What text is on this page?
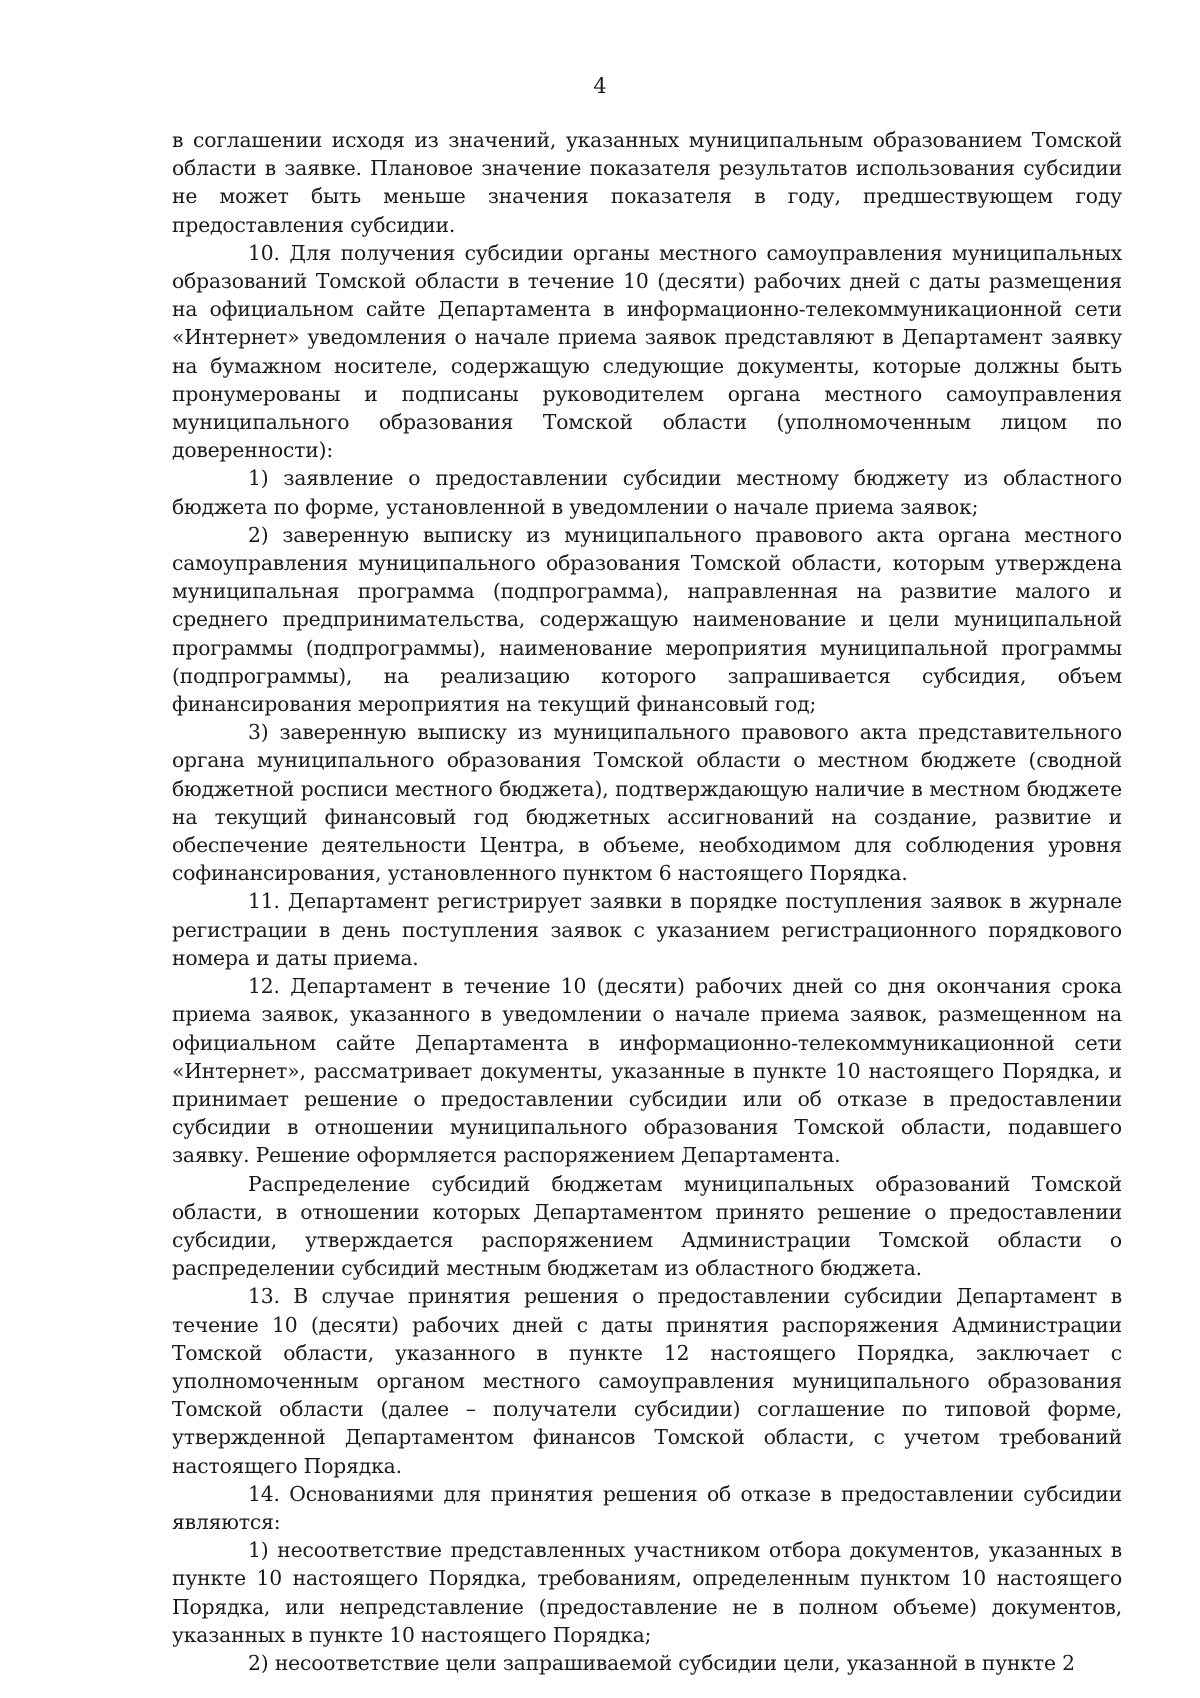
4

в соглашении исходя из значений, указанных муниципальным образованием Томской области в заявке. Плановое значение показателя результатов использования субсидии не может быть меньше значения показателя в году, предшествующем году предоставления субсидии.

10. Для получения субсидии органы местного самоуправления муниципальных образований Томской области в течение 10 (десяти) рабочих дней с даты размещения на официальном сайте Департамента в информационно-телекоммуникационной сети «Интернет» уведомления о начале приема заявок представляют в Департамент заявку на бумажном носителе, содержащую следующие документы, которые должны быть пронумерованы и подписаны руководителем органа местного самоуправления муниципального образования Томской области (уполномоченным лицом по доверенности):

1) заявление о предоставлении субсидии местному бюджету из областного бюджета по форме, установленной в уведомлении о начале приема заявок;

2) заверенную выписку из муниципального правового акта органа местного самоуправления муниципального образования Томской области, которым утверждена муниципальная программа (подпрограмма), направленная на развитие малого и среднего предпринимательства, содержащую наименование и цели муниципальной программы (подпрограммы), наименование мероприятия муниципальной программы (подпрограммы), на реализацию которого запрашивается субсидия, объем финансирования мероприятия на текущий финансовый год;

3) заверенную выписку из муниципального правового акта представительного органа муниципального образования Томской области о местном бюджете (сводной бюджетной росписи местного бюджета), подтверждающую наличие в местном бюджете на текущий финансовый год бюджетных ассигнований на создание, развитие и обеспечение деятельности Центра, в объеме, необходимом для соблюдения уровня софинансирования, установленного пунктом 6 настоящего Порядка.

11. Департамент регистрирует заявки в порядке поступления заявок в журнале регистрации в день поступления заявок с указанием регистрационного порядкового номера и даты приема.

12. Департамент в течение 10 (десяти) рабочих дней со дня окончания срока приема заявок, указанного в уведомлении о начале приема заявок, размещенном на официальном сайте Департамента в информационно-телекоммуникационной сети «Интернет», рассматривает документы, указанные в пункте 10 настоящего Порядка, и принимает решение о предоставлении субсидии или об отказе в предоставлении субсидии в отношении муниципального образования Томской области, подавшего заявку. Решение оформляется распоряжением Департамента.

Распределение субсидий бюджетам муниципальных образований Томской области, в отношении которых Департаментом принято решение о предоставлении субсидии, утверждается распоряжением Администрации Томской области о распределении субсидий местным бюджетам из областного бюджета.

13. В случае принятия решения о предоставлении субсидии Департамент в течение 10 (десяти) рабочих дней с даты принятия распоряжения Администрации Томской области, указанного в пункте 12 настоящего Порядка, заключает с уполномоченным органом местного самоуправления муниципального образования Томской области (далее – получатели субсидии) соглашение по типовой форме, утвержденной Департаментом финансов Томской области, с учетом требований настоящего Порядка.

14. Основаниями для принятия решения об отказе в предоставлении субсидии являются:

1) несоответствие представленных участником отбора документов, указанных в пункте 10 настоящего Порядка, требованиям, определенным пунктом 10 настоящего Порядка, или непредставление (предоставление не в полном объеме) документов, указанных в пункте 10 настоящего Порядка;

2) несоответствие цели запрашиваемой субсидии цели, указанной в пункте 2
